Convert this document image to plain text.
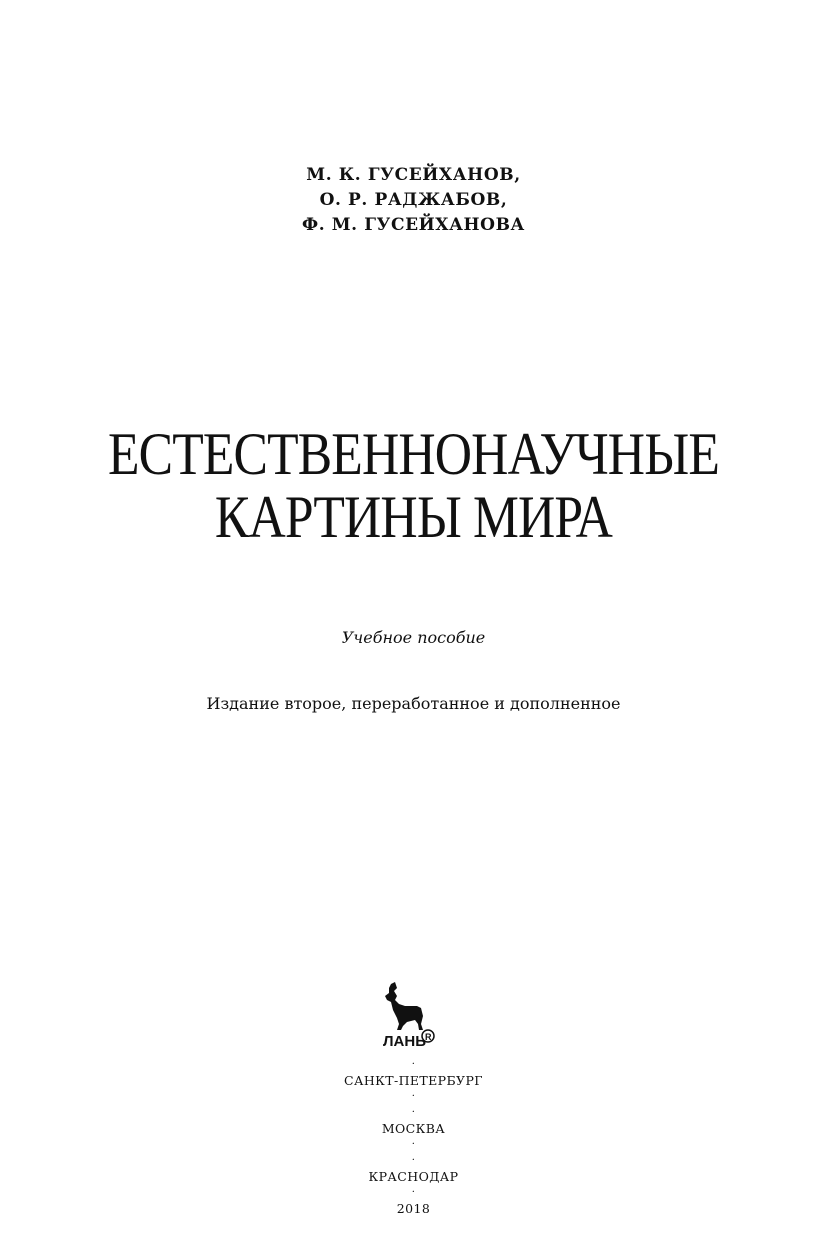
М. К. ГУСЕЙХАНОВ,
О. Р. РАДЖАБОВ,
Ф. М. ГУСЕЙХАНОВА
ЕСТЕСТВЕННОНАУЧНЫЕ
КАРТИНЫ МИРА
Учебное пособие
Издание второе, переработанное и дополненное
ЛАНЬ R
·
САНКТ-ПЕТЕРБУРГ
·
·
МОСКВА
·
·
КРАСНОДАР
·
2018
